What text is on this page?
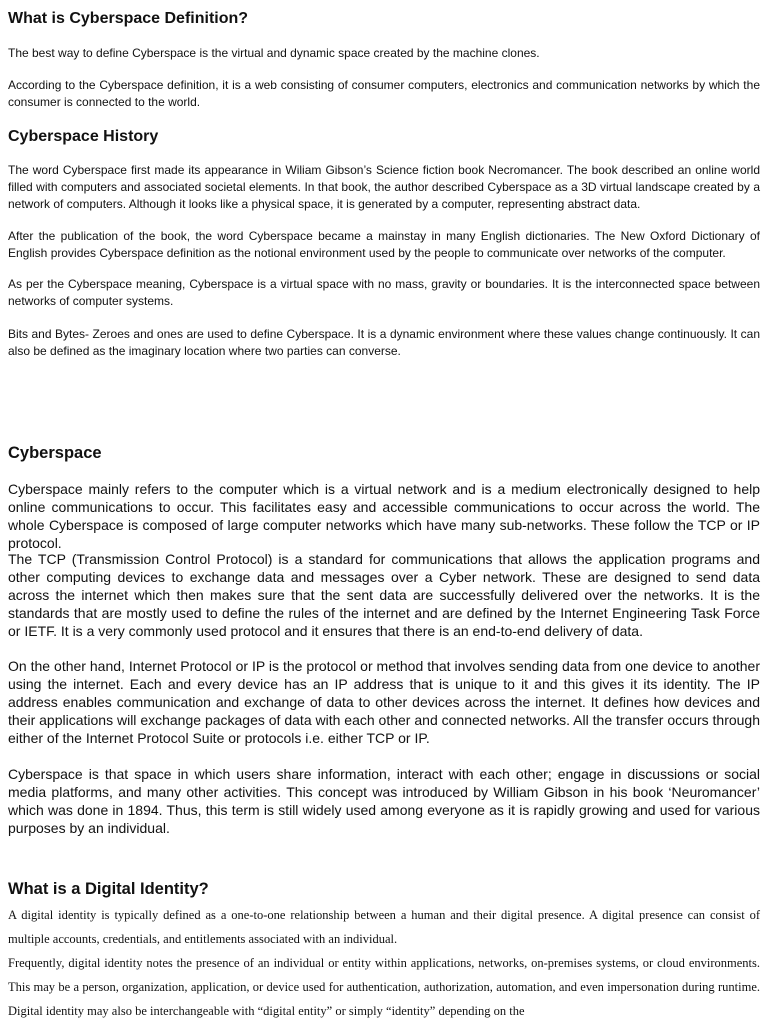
What is Cyberspace Definition?

The best way to define Cyberspace is the virtual and dynamic space created by the machine clones.

According to the Cyberspace definition, it is a web consisting of consumer computers, electronics and communication networks by which the consumer is connected to the world.

Cyberspace History

The word Cyberspace first made its appearance in Wiliam Gibson’s Science fiction book Necromancer. The book described an online world filled with computers and associated societal elements. In that book, the author described Cyberspace as a 3D virtual landscape created by a network of computers. Although it looks like a physical space, it is generated by a computer, representing abstract data.

After the publication of the book, the word Cyberspace became a mainstay in many English dictionaries. The New Oxford Dictionary of English provides Cyberspace definition as the notional environment used by the people to communicate over networks of the computer.

As per the Cyberspace meaning, Cyberspace is a virtual space with no mass, gravity or boundaries. It is the interconnected space between networks of computer systems.

Bits and Bytes- Zeroes and ones are used to define Cyberspace. It is a dynamic environment where these values change continuously. It can also be defined as the imaginary location where two parties can converse.

Cyberspace

Cyberspace mainly refers to the computer which is a virtual network and is a medium electronically designed to help online communications to occur. This facilitates easy and accessible communications to occur across the world. The whole Cyberspace is composed of large computer networks which have many sub-networks. These follow the TCP or IP protocol.

The TCP (Transmission Control Protocol) is a standard for communications that allows the application programs and other computing devices to exchange data and messages over a Cyber network. These are designed to send data across the internet which then makes sure that the sent data are successfully delivered over the networks. It is the standards that are mostly used to define the rules of the internet and are defined by the Internet Engineering Task Force or IETF. It is a very commonly used protocol and it ensures that there is an end-to-end delivery of data.

On the other hand, Internet Protocol or IP is the protocol or method that involves sending data from one device to another using the internet. Each and every device has an IP address that is unique to it and this gives it its identity. The IP address enables communication and exchange of data to other devices across the internet. It defines how devices and their applications will exchange packages of data with each other and connected networks. All the transfer occurs through either of the Internet Protocol Suite or protocols i.e. either TCP or IP.

Cyberspace is that space in which users share information, interact with each other; engage in discussions or social media platforms, and many other activities. This concept was introduced by William Gibson in his book ‘Neuromancer’ which was done in 1894. Thus, this term is still widely used among everyone as it is rapidly growing and used for various purposes by an individual.

What is a Digital Identity?

A digital identity is typically defined as a one-to-one relationship between a human and their digital presence. A digital presence can consist of multiple accounts, credentials, and entitlements associated with an individual.

Frequently, digital identity notes the presence of an individual or entity within applications, networks, on-premises systems, or cloud environments. This may be a person, organization, application, or device used for authentication, authorization, automation, and even impersonation during runtime. Digital identity may also be interchangeable with “digital entity” or simply “identity” depending on the
